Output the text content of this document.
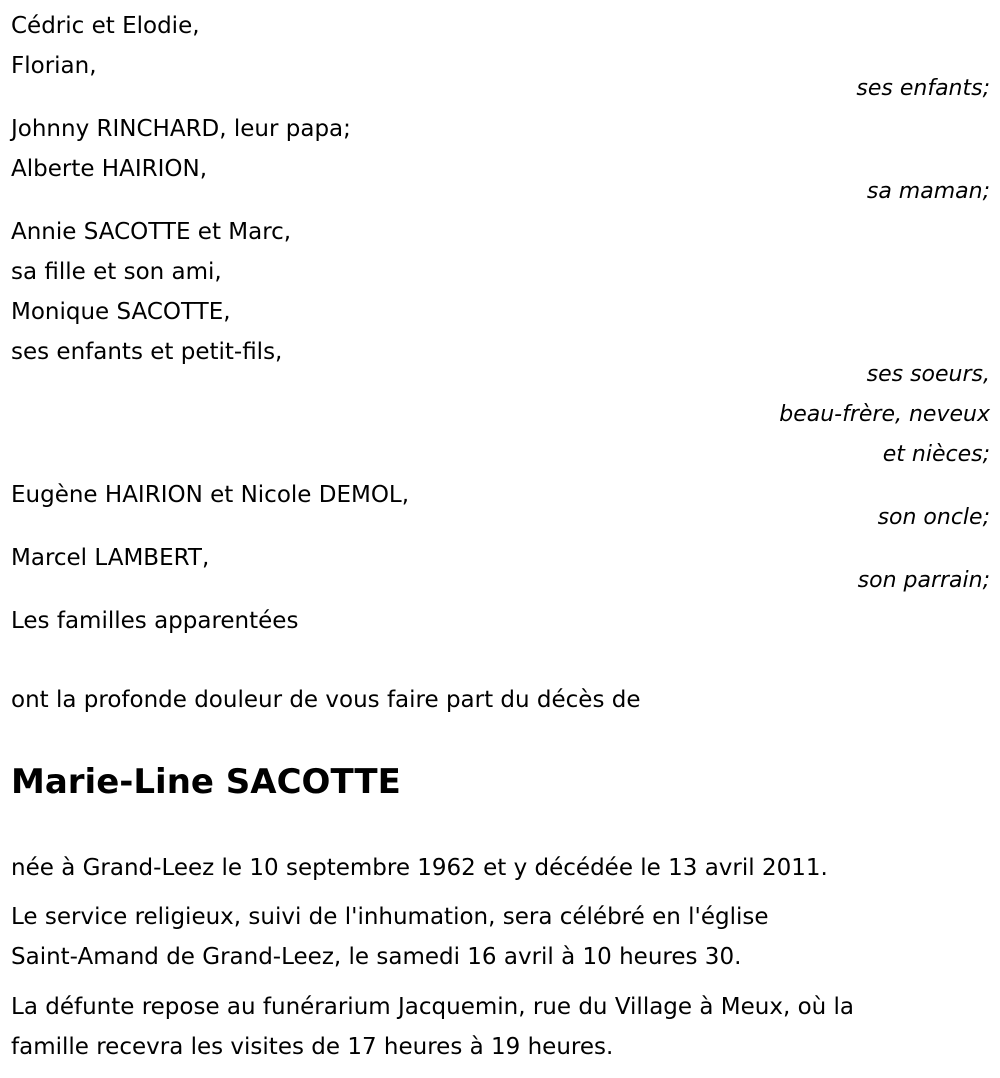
Cédric et Elodie,
Florian,
ses enfants;
Johnny RINCHARD, leur papa;
Alberte HAIRION,
sa maman;
Annie SACOTTE et Marc,
sa fille et son ami,
Monique SACOTTE,
ses enfants et petit-fils,
ses soeurs,
beau-frère, neveux
et nièces;
Eugène HAIRION et Nicole DEMOL,
son oncle;
Marcel LAMBERT,
son parrain;
Les familles apparentées
ont la profonde douleur de vous faire part du décès de
Marie-Line SACOTTE
née à Grand-Leez le 10 septembre 1962 et y décédée le 13 avril 2011.
Le service religieux, suivi de l'inhumation, sera célébré en l'église
Saint-Amand de Grand-Leez, le samedi 16 avril à 10 heures 30.
La défunte repose au funérarium Jacquemin, rue du Village à Meux, où la
famille recevra les visites de 17 heures à 19 heures.
